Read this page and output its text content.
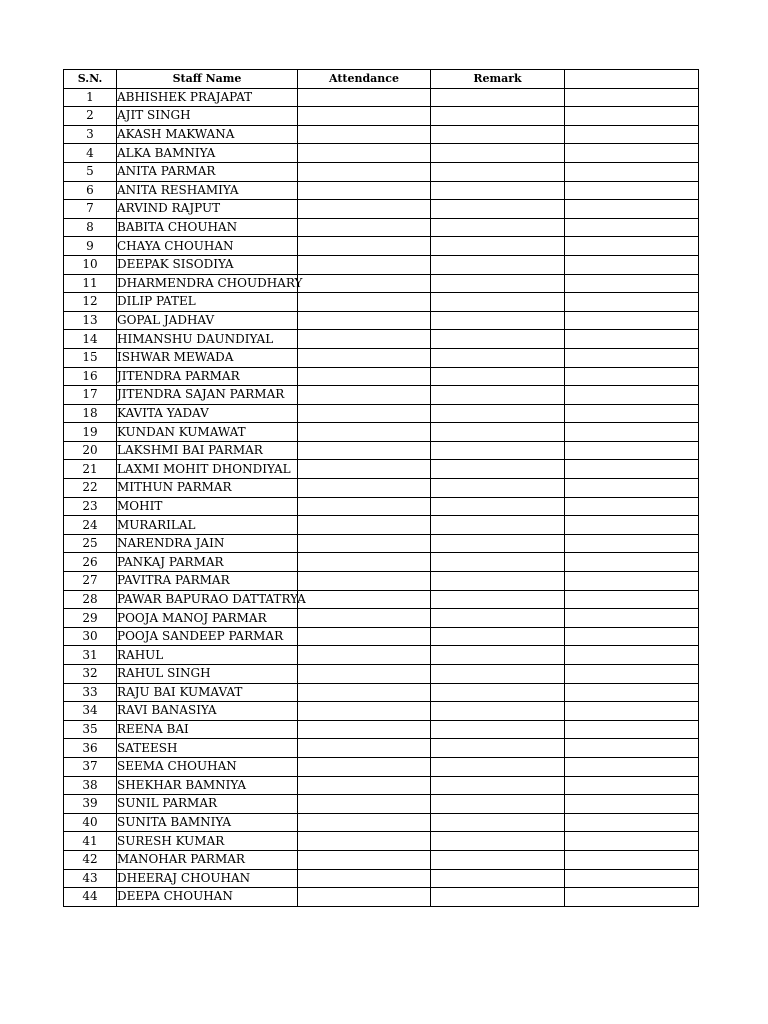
S.N.	Staff Name	Attendance	Remark	
1	ABHISHEK PRAJAPAT			
2	AJIT SINGH			
3	AKASH MAKWANA			
4	ALKA BAMNIYA			
5	ANITA PARMAR			
6	ANITA RESHAMIYA			
7	ARVIND RAJPUT			
8	BABITA CHOUHAN			
9	CHAYA CHOUHAN			
10	DEEPAK SISODIYA			
11	DHARMENDRA CHOUDHARY			
12	DILIP PATEL			
13	GOPAL JADHAV			
14	HIMANSHU DAUNDIYAL			
15	ISHWAR MEWADA			
16	JITENDRA PARMAR			
17	JITENDRA SAJAN PARMAR			
18	KAVITA YADAV			
19	KUNDAN KUMAWAT			
20	LAKSHMI BAI PARMAR			
21	LAXMI MOHIT DHONDIYAL			
22	MITHUN PARMAR			
23	MOHIT			
24	MURARILAL			
25	NARENDRA JAIN			
26	PANKAJ PARMAR			
27	PAVITRA PARMAR			
28	PAWAR BAPURAO DATTATRYA			
29	POOJA MANOJ PARMAR			
30	POOJA SANDEEP PARMAR			
31	RAHUL			
32	RAHUL SINGH			
33	RAJU BAI KUMAVAT			
34	RAVI BANASIYA			
35	REENA BAI			
36	SATEESH			
37	SEEMA CHOUHAN			
38	SHEKHAR BAMNIYA			
39	SUNIL PARMAR			
40	SUNITA BAMNIYA			
41	SURESH KUMAR			
42	MANOHAR PARMAR			
43	DHEERAJ CHOUHAN			
44	DEEPA CHOUHAN			
